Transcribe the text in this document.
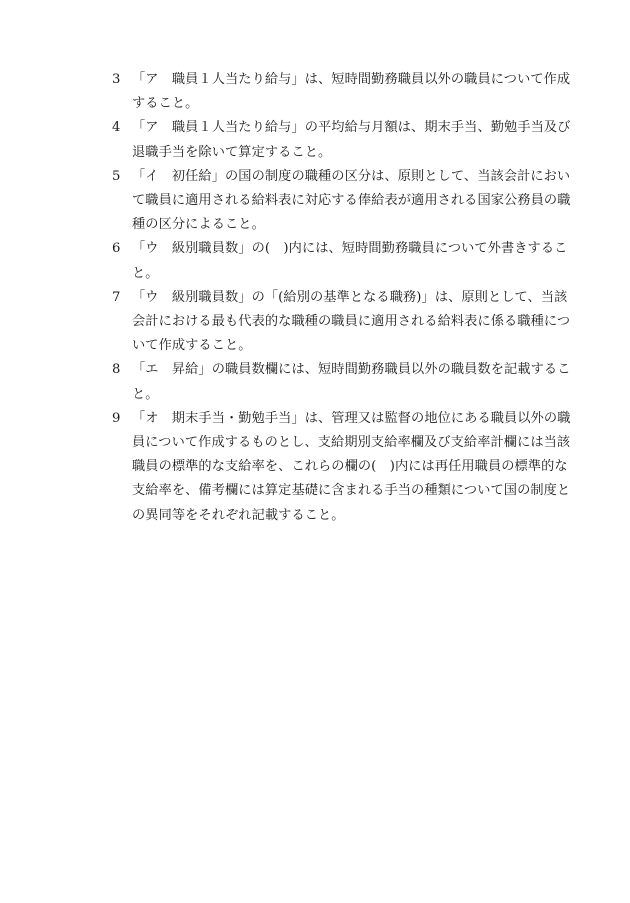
3 「ア　職員１人当たり給与」は、短時間勤務職員以外の職員について作成
すること。
4 「ア　職員１人当たり給与」の平均給与月額は、期末手当、勤勉手当及び
退職手当を除いて算定すること。
5 「イ　初任給」の国の制度の職種の区分は、原則として、当該会計におい
て職員に適用される給料表に対応する俸給表が適用される国家公務員の職
種の区分によること。
6 「ウ　級別職員数」の(　)内には、短時間勤務職員について外書きするこ
と。
7 「ウ　級別職員数」の「(給別の基準となる職務)」は、原則として、当該
会計における最も代表的な職種の職員に適用される給料表に係る職種につ
いて作成すること。
8 「エ　昇給」の職員数欄には、短時間勤務職員以外の職員数を記載するこ
と。
9 「オ　期末手当・勤勉手当」は、管理又は監督の地位にある職員以外の職
員について作成するものとし、支給期別支給率欄及び支給率計欄には当該
職員の標準的な支給率を、これらの欄の(　)内には再任用職員の標準的な
支給率を、備考欄には算定基礎に含まれる手当の種類について国の制度と
の異同等をそれぞれ記載すること。
